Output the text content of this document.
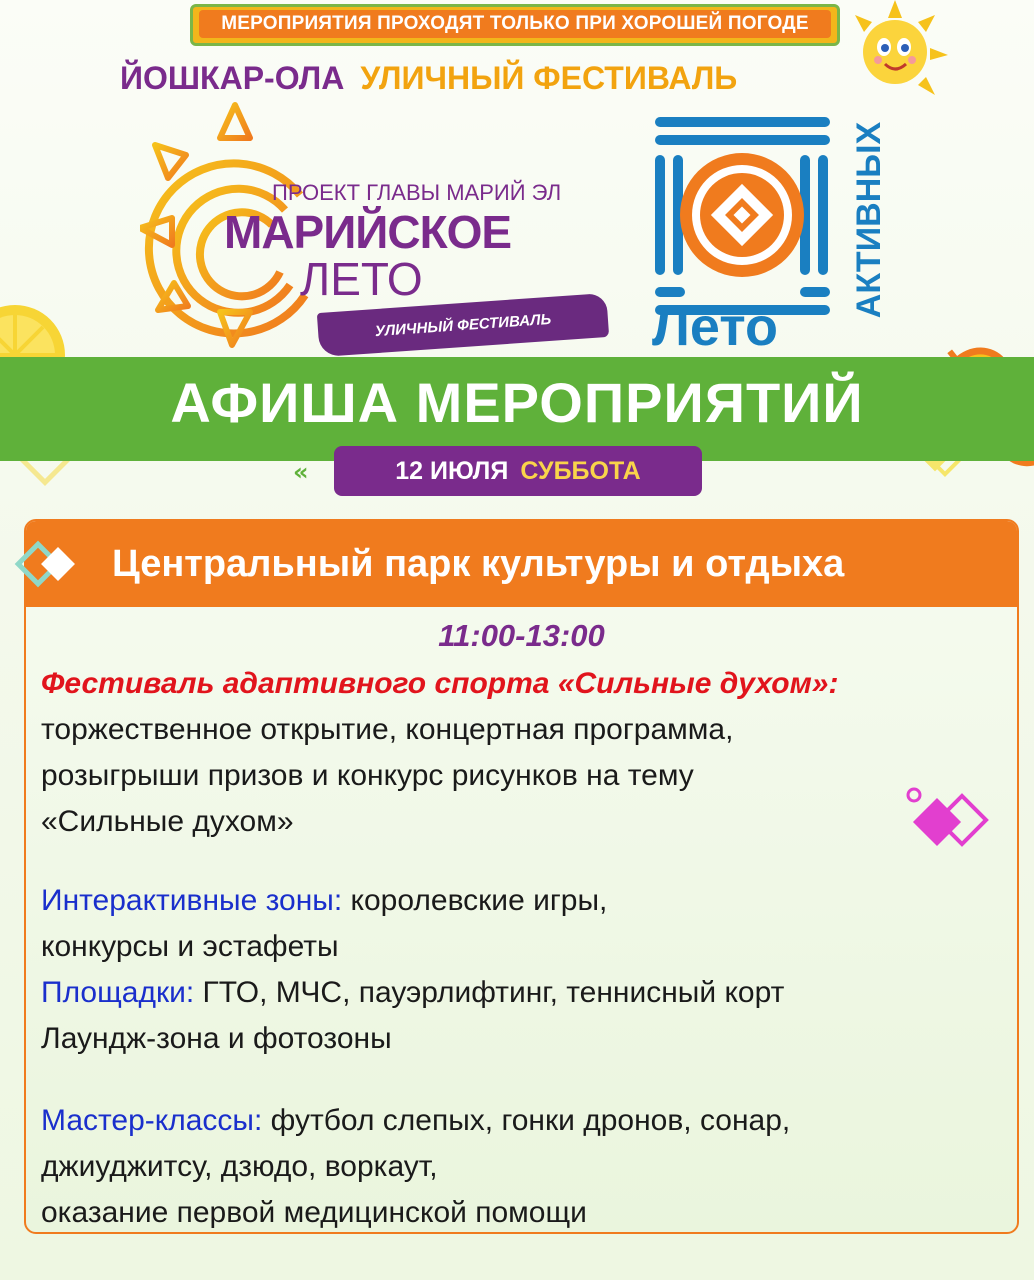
МЕРОПРИЯТИЯ ПРОХОДЯТ ТОЛЬКО ПРИ ХОРОШЕЙ ПОГОДЕ
ЙОШКАР-ОЛА УЛИЧНЫЙ ФЕСТИВАЛЬ
ПРОЕКТ ГЛАВЫ МАРИЙ ЭЛ
МАРИЙСКОЕ
ЛЕТО
УЛИЧНЫЙ ФЕСТИВАЛЬ	Лето
АКТИВНЫХ
АФИША МЕРОПРИЯТИЙ
«	12 ИЮЛЯ СУББОТА
Центральный парк культуры и отдыха
11:00-13:00
Фестиваль адаптивного спорта «Сильные духом»:
торжественное открытие, концертная программа,
розыгрыши призов и конкурс рисунков на тему
«Сильные духом»
Интерактивные зоны: королевские игры,
конкурсы и эстафеты
Площадки: ГТО, МЧС, пауэрлифтинг, теннисный корт
Лаундж-зона и фотозоны
Мастер-классы: футбол слепых, гонки дронов, сонар,
джиуджитсу, дзюдо, воркаут,
оказание первой медицинской помощи
